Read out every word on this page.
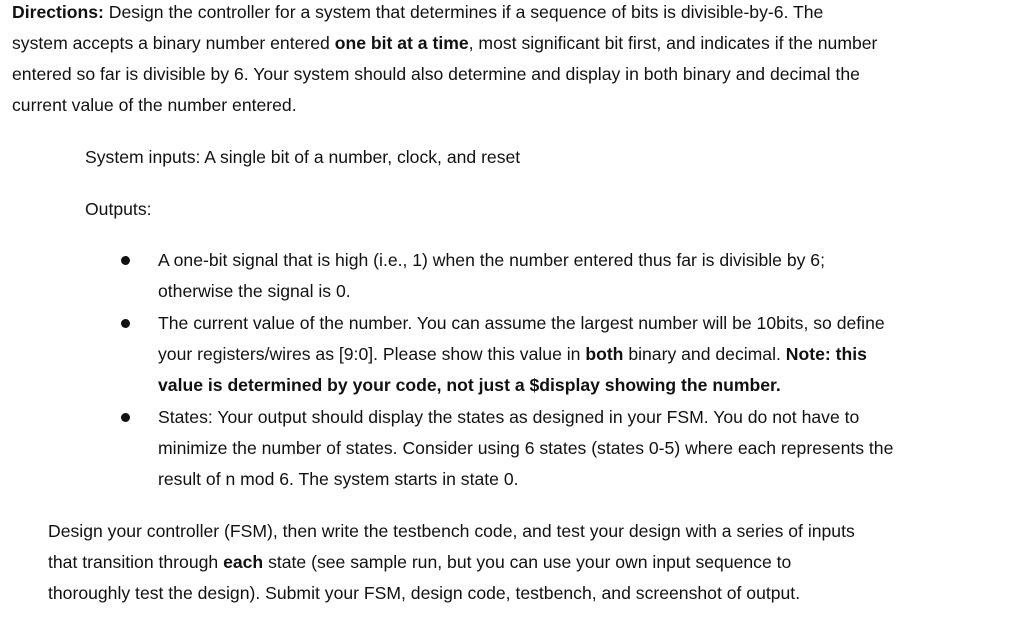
Directions: Design the controller for a system that determines if a sequence of bits is divisible-by-6. The
system accepts a binary number entered one bit at a time, most significant bit first, and indicates if the number
entered so far is divisible by 6. Your system should also determine and display in both binary and decimal the
current value of the number entered.
System inputs: A single bit of a number, clock, and reset
Outputs:
A one-bit signal that is high (i.e., 1) when the number entered thus far is divisible by 6;
otherwise the signal is 0.
The current value of the number. You can assume the largest number will be 10bits, so define
your registers/wires as [9:0]. Please show this value in both binary and decimal. Note: this
value is determined by your code, not just a $display showing the number.
States: Your output should display the states as designed in your FSM. You do not have to
minimize the number of states. Consider using 6 states (states 0-5) where each represents the
result of n mod 6. The system starts in state 0.
Design your controller (FSM), then write the testbench code, and test your design with a series of inputs
that transition through each state (see sample run, but you can use your own input sequence to
thoroughly test the design). Submit your FSM, design code, testbench, and screenshot of output.
